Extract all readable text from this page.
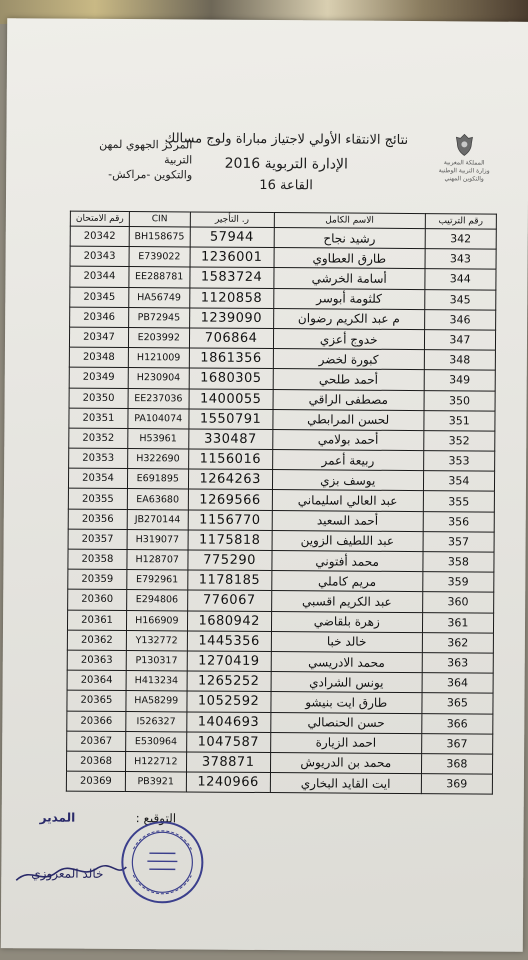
المملكة المغربية
وزارة التربية الوطنية
والتكوين المهني
نتائج الانتقاء الأولي لاجتياز مباراة ولوج مسالك
الإدارة التربوية 2016
القاعة 16
المركز الجهوي لمهن التربية
والتكوين -مراكش-
رقم الترتيب	الاسم الكامل	ر. التأجير	CIN	رقم الامتحان
342	رشيد نجاح	57944	BH158675	20342
343	طارق العطاوي	1236001	E739022	20343
344	أسامة الخرشي	1583724	EE288781	20344
345	كلثومة أبوسر	1120858	HA56749	20345
346	م عبد الكريم رضوان	1239090	PB72945	20346
347	خدوج أعزي	706864	E203992	20347
348	كبورة لخضر	1861356	H121009	20348
349	أحمد طلحي	1680305	H230904	20349
350	مصطفى الراقي	1400055	EE237036	20350
351	لحسن المرابطي	1550791	PA104074	20351
352	أحمد بولامي	330487	H53961	20352
353	ربيعة أعمر	1156016	H322690	20353
354	يوسف بزي	1264263	E691895	20354
355	عبد العالي اسليماني	1269566	EA63680	20355
356	أحمد السعيد	1156770	JB270144	20356
357	عبد اللطيف الزوين	1175818	H319077	20357
358	محمد أفتوني	775290	H128707	20358
359	مريم كاملي	1178185	E792961	20359
360	عبد الكريم اقسبي	776067	E294806	20360
361	زهرة بلقاضي	1680942	H166909	20361
362	خالد خبا	1445356	Y132772	20362
363	محمد الادريسي	1270419	P130317	20363
364	يونس الشرادي	1265252	H413234	20364
365	طارق ايت بنيشو	1052592	HA58299	20365
366	حسن الحنصالي	1404693	I526327	20366
367	احمد الزيارة	1047587	E530964	20367
368	محمد بن الدريوش	378871	H122712	20368
369	ايت القايد البخاري	1240966	PB3921	20369
التوقيع :
المدير
خالد المعزوزي
